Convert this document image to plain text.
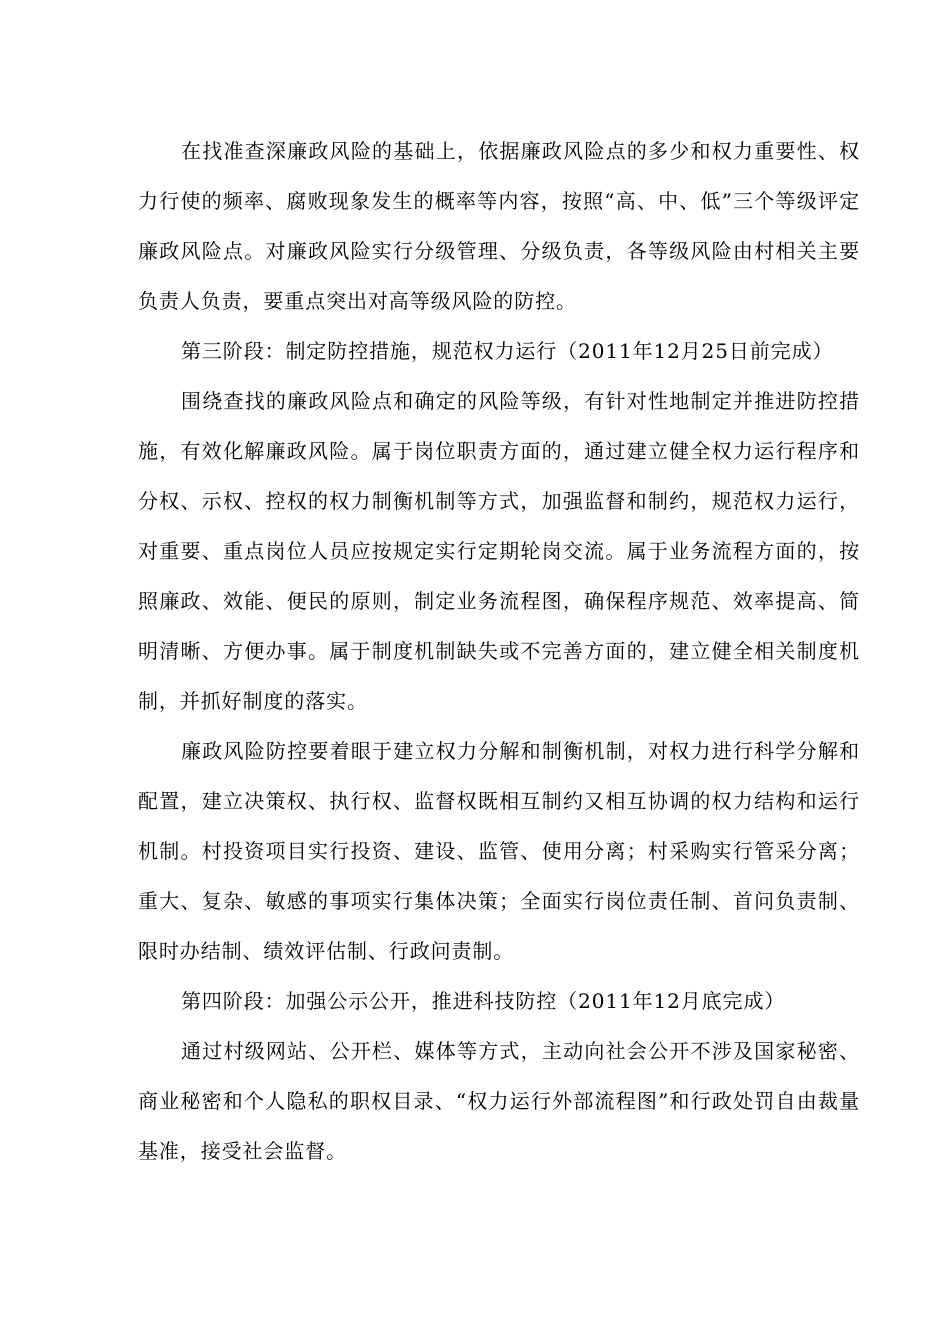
在找准查深廉政风险的基础上，依据廉政风险点的多少和权力重要性、权力行使的频率、腐败现象发生的概率等内容，按照“高、中、低”三个等级评定廉政风险点。对廉政风险实行分级管理、分级负责，各等级风险由村相关主要负责人负责，要重点突出对高等级风险的防控。

第三阶段：制定防控措施，规范权力运行（2011年12月25日前完成）

围绕查找的廉政风险点和确定的风险等级，有针对性地制定并推进防控措施，有效化解廉政风险。属于岗位职责方面的，通过建立健全权力运行程序和分权、示权、控权的权力制衡机制等方式，加强监督和制约，规范权力运行，对重要、重点岗位人员应按规定实行定期轮岗交流。属于业务流程方面的，按照廉政、效能、便民的原则，制定业务流程图，确保程序规范、效率提高、简明清晰、方便办事。属于制度机制缺失或不完善方面的，建立健全相关制度机制，并抓好制度的落实。

廉政风险防控要着眼于建立权力分解和制衡机制，对权力进行科学分解和配置，建立决策权、执行权、监督权既相互制约又相互协调的权力结构和运行机制。村投资项目实行投资、建设、监管、使用分离；村采购实行管采分离；重大、复杂、敏感的事项实行集体决策；全面实行岗位责任制、首问负责制、限时办结制、绩效评估制、行政问责制。

第四阶段：加强公示公开，推进科技防控（2011年12月底完成）

通过村级网站、公开栏、媒体等方式，主动向社会公开不涉及国家秘密、商业秘密和个人隐私的职权目录、“权力运行外部流程图”和行政处罚自由裁量基准，接受社会监督。
